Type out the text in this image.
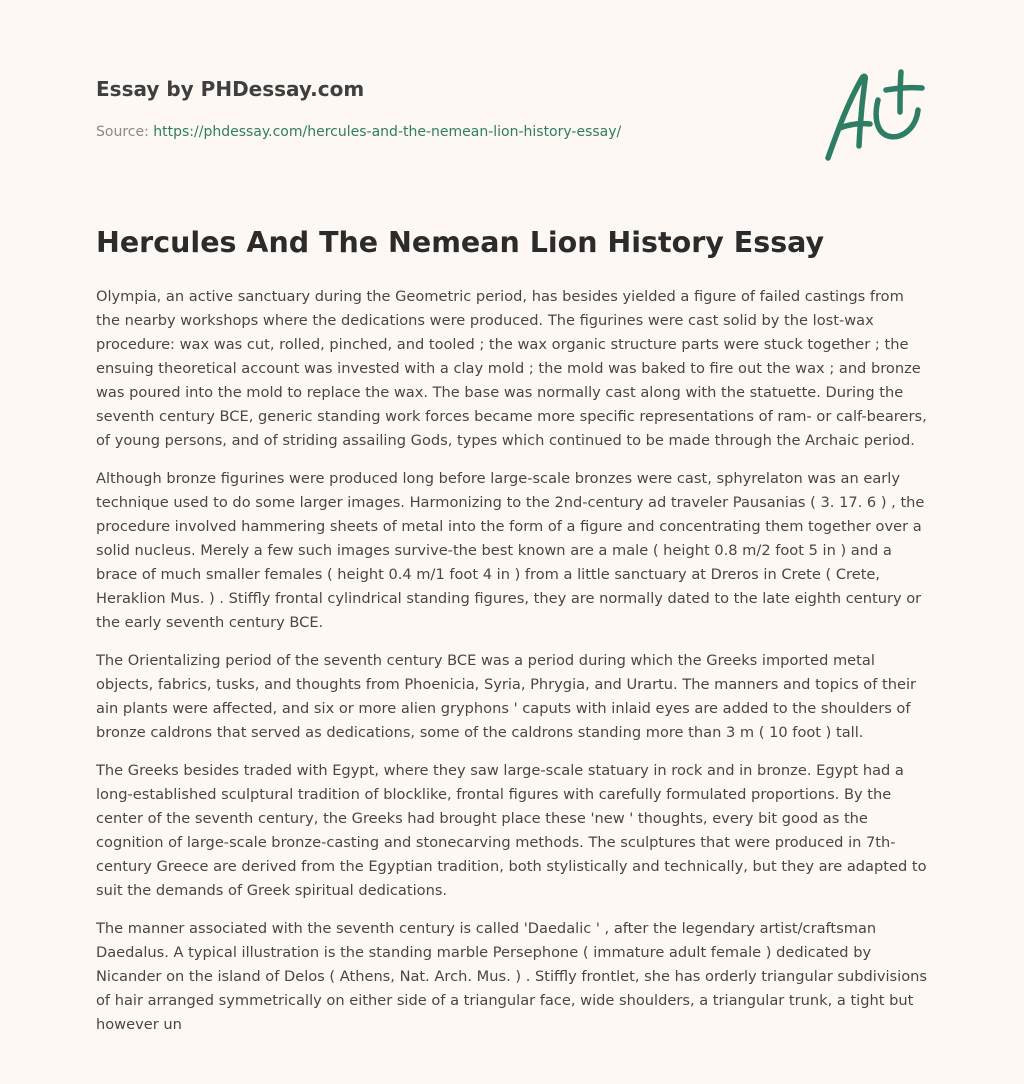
Essay by PHDessay.com

Source: https://phdessay.com/hercules-and-the-nemean-lion-history-essay/

Hercules And The Nemean Lion History Essay

Olympia, an active sanctuary during the Geometric period, has besides yielded a figure of failed castings from the nearby workshops where the dedications were produced. The figurines were cast solid by the lost-wax procedure: wax was cut, rolled, pinched, and tooled ; the wax organic structure parts were stuck together ; the ensuing theoretical account was invested with a clay mold ; the mold was baked to fire out the wax ; and bronze was poured into the mold to replace the wax. The base was normally cast along with the statuette. During the seventh century BCE, generic standing work forces became more specific representations of ram- or calf-bearers, of young persons, and of striding assailing Gods, types which continued to be made through the Archaic period.

Although bronze figurines were produced long before large-scale bronzes were cast, sphyrelaton was an early technique used to do some larger images. Harmonizing to the 2nd-century ad traveler Pausanias ( 3. 17. 6 ) , the procedure involved hammering sheets of metal into the form of a figure and concentrating them together over a solid nucleus. Merely a few such images survive-the best known are a male ( height 0.8 m/2 foot 5 in ) and a brace of much smaller females ( height 0.4 m/1 foot 4 in ) from a little sanctuary at Dreros in Crete ( Crete, Heraklion Mus. ) . Stiffly frontal cylindrical standing figures, they are normally dated to the late eighth century or the early seventh century BCE.

The Orientalizing period of the seventh century BCE was a period during which the Greeks imported metal objects, fabrics, tusks, and thoughts from Phoenicia, Syria, Phrygia, and Urartu. The manners and topics of their ain plants were affected, and six or more alien gryphons ' caputs with inlaid eyes are added to the shoulders of bronze caldrons that served as dedications, some of the caldrons standing more than 3 m ( 10 foot ) tall.

The Greeks besides traded with Egypt, where they saw large-scale statuary in rock and in bronze. Egypt had a long-established sculptural tradition of blocklike, frontal figures with carefully formulated proportions. By the center of the seventh century, the Greeks had brought place these 'new ' thoughts, every bit good as the cognition of large-scale bronze-casting and stonecarving methods. The sculptures that were produced in 7th-century Greece are derived from the Egyptian tradition, both stylistically and technically, but they are adapted to suit the demands of Greek spiritual dedications.

The manner associated with the seventh century is called 'Daedalic ' , after the legendary artist/craftsman Daedalus. A typical illustration is the standing marble Persephone ( immature adult female ) dedicated by Nicander on the island of Delos ( Athens, Nat. Arch. Mus. ) . Stiffly frontlet, she has orderly triangular subdivisions of hair arranged symmetrically on either side of a triangular face, wide shoulders, a triangular trunk, a tight but however un
